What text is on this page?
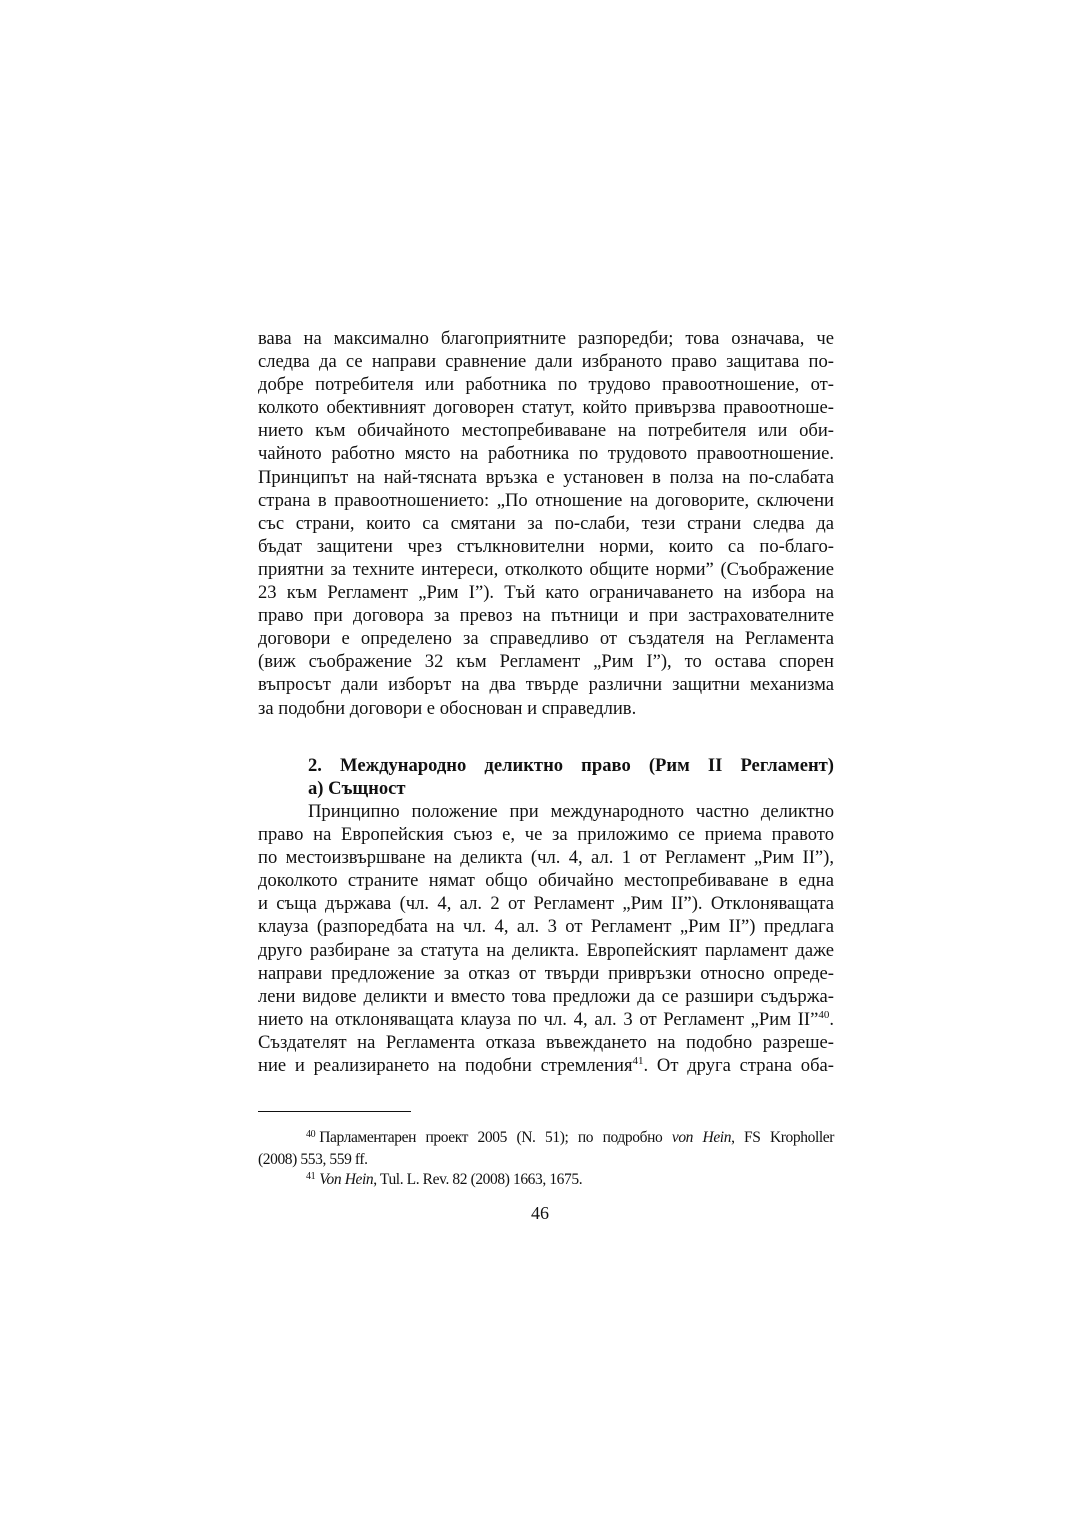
вава на максимално благоприятните разпоредби; това означава, че
следва да се направи сравнение дали избраното право защитава по-
добре потребителя или работника по трудово правоотношение, от-
колкото обективният договорен статут, който привързва правоотноше-
нието към обичайното местопребиваване на потребителя или оби-
чайното работно място на работника по трудовото правоотношение.
Принципът на най-тясната връзка е установен в полза на по-слабата
страна в правоотношението: „По отношение на договорите, сключени
със страни, които са смятани за по-слаби, тези страни следва да
бъдат защитени чрез стълкновителни норми, които са по-благо-
приятни за техните интереси, отколкото общите норми” (Съображение
23 към Регламент „Рим I”). Тъй като ограничаването на избора на
право при договора за превоз на пътници и при застрахователните
договори е определено за справедливо от създателя на Регламента
(виж съображение 32 към Регламент „Рим I”), то остава спорен
въпросът дали изборът на два твърде различни защитни механизма
за подобни договори е обоснован и справедлив.
2. Международно деликтно право (Рим II Регламент)
а) Същност
Принципно положение при международното частно деликтно
право на Европейския съюз е, че за приложимо се приема правото
по местоизвършване на деликта (чл. 4, ал. 1 от Регламент „Рим II”),
доколкото страните нямат общо обичайно местопребиваване в една
и съща държава (чл. 4, ал. 2 от Регламент „Рим II”). Отклоняващата
клауза (разпоредбата на чл. 4, ал. 3 от Регламент „Рим II”) предлага
друго разбиране за статута на деликта. Европейският парламент даже
направи предложение за отказ от твърди привръзки относно опреде-
лени видове деликти и вместо това предложи да се разшири съдържа-
нието на отклоняващата клауза по чл. 4, ал. 3 от Регламент „Рим II”$^{40}$.
Създателят на Регламента отказа въвеждането на подобно разреше-
ние и реализирането на подобни стремления$^{41}$. От друга страна оба-
$^{40}$ Парламентарен проект 2005 (N. 51); по подробно von Hein, FS Kropholler
(2008) 553, 559 ff.
$^{41}$ Von Hein, Tul. L. Rev. 82 (2008) 1663, 1675.
46
